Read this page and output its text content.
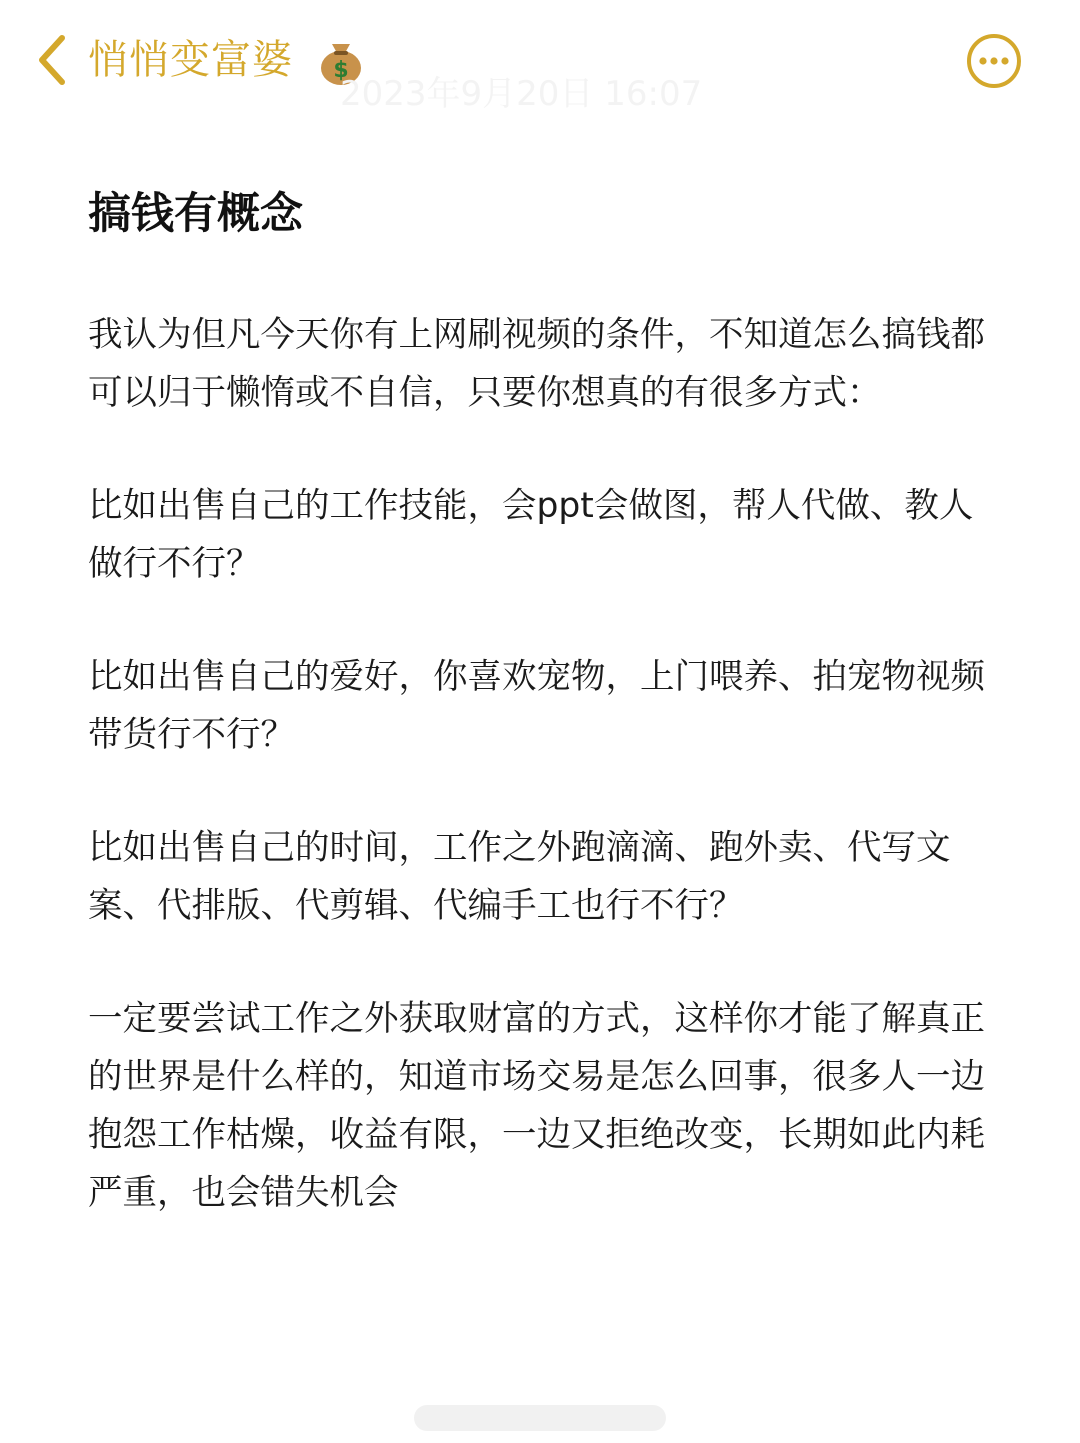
悄悄变富婆 $
2023年9月20日 16:07
搞钱有概念

我认为但凡今天你有上网刷视频的条件，不知道怎么搞钱都可以归于懒惰或不自信，只要你想真的有很多方式：

比如出售自己的工作技能，会ppt会做图，帮人代做、教人做行不行？

比如出售自己的爱好，你喜欢宠物，上门喂养、拍宠物视频带货行不行？

比如出售自己的时间，工作之外跑滴滴、跑外卖、代写文案、代排版、代剪辑、代编手工也行不行？

一定要尝试工作之外获取财富的方式，这样你才能了解真正的世界是什么样的，知道市场交易是怎么回事，很多人一边抱怨工作枯燥，收益有限，一边又拒绝改变，长期如此内耗严重，也会错失机会
